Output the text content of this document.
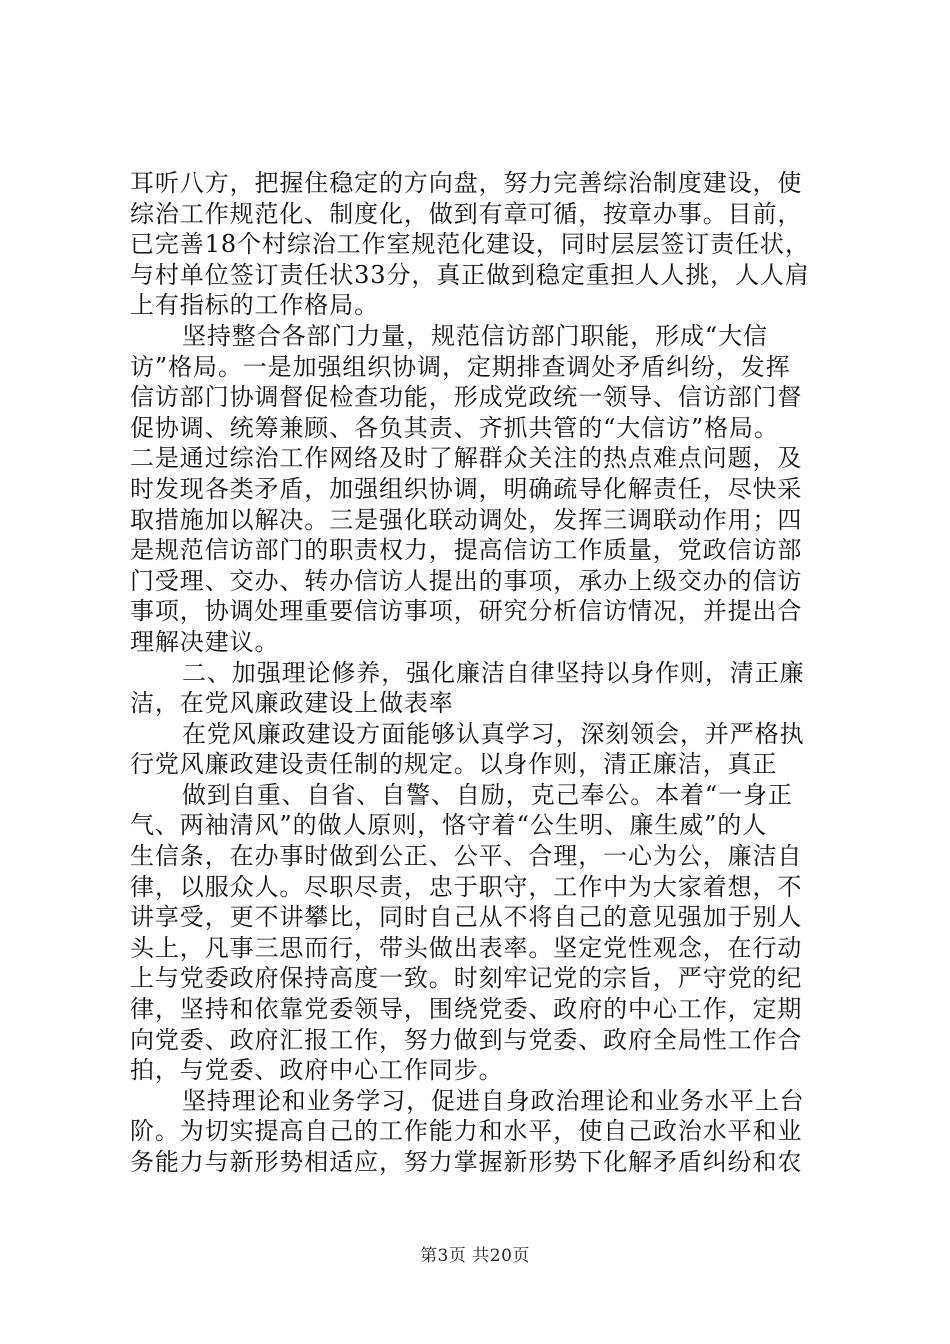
耳听八方，把握住稳定的方向盘，努力完善综治制度建设，使
综治工作规范化、制度化，做到有章可循，按章办事。目前，
已完善18个村综治工作室规范化建设，同时层层签订责任状，
与村单位签订责任状33分，真正做到稳定重担人人挑，人人肩
上有指标的工作格局。
坚持整合各部门力量，规范信访部门职能，形成“大信
访”格局。一是加强组织协调，定期排查调处矛盾纠纷，发挥
信访部门协调督促检查功能，形成党政统一领导、信访部门督
促协调、统筹兼顾、各负其责、齐抓共管的“大信访”格局。
二是通过综治工作网络及时了解群众关注的热点难点问题，及
时发现各类矛盾，加强组织协调，明确疏导化解责任，尽快采
取措施加以解决。三是强化联动调处，发挥三调联动作用；四
是规范信访部门的职责权力，提高信访工作质量，党政信访部
门受理、交办、转办信访人提出的事项，承办上级交办的信访
事项，协调处理重要信访事项，研究分析信访情况，并提出合
理解决建议。
二、加强理论修养，强化廉洁自律坚持以身作则，清正廉
洁，在党风廉政建设上做表率
在党风廉政建设方面能够认真学习，深刻领会，并严格执
行党风廉政建设责任制的规定。以身作则，清正廉洁，真正
做到自重、自省、自警、自励，克己奉公。本着“一身正
气、两袖清风”的做人原则，恪守着“公生明、廉生威”的人
生信条，在办事时做到公正、公平、合理，一心为公，廉洁自
律，以服众人。尽职尽责，忠于职守，工作中为大家着想，不
讲享受，更不讲攀比，同时自己从不将自己的意见强加于别人
头上，凡事三思而行，带头做出表率。坚定党性观念，在行动
上与党委政府保持高度一致。时刻牢记党的宗旨，严守党的纪
律，坚持和依靠党委领导，围绕党委、政府的中心工作，定期
向党委、政府汇报工作，努力做到与党委、政府全局性工作合
拍，与党委、政府中心工作同步。
坚持理论和业务学习，促进自身政治理论和业务水平上台
阶。为切实提高自己的工作能力和水平，使自己政治水平和业
务能力与新形势相适应，努力掌握新形势下化解矛盾纠纷和农
第3页 共20页
